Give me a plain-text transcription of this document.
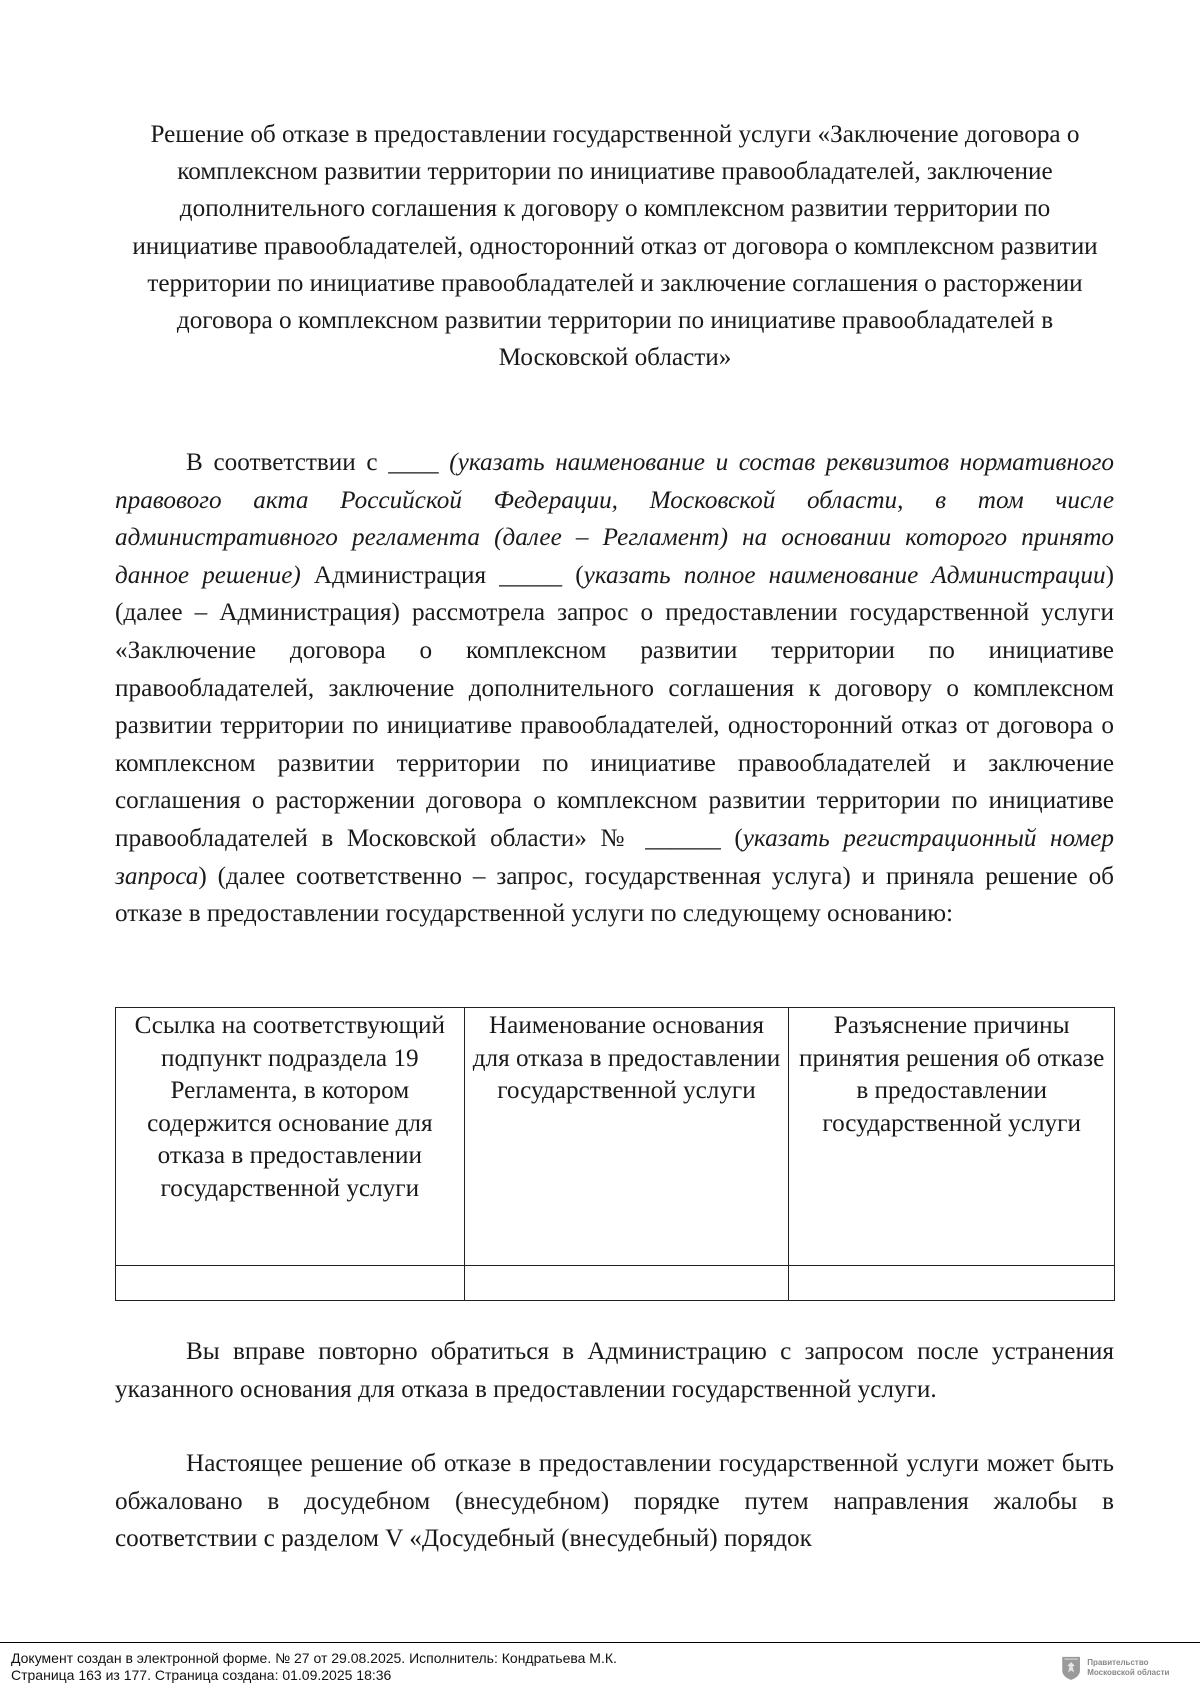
Решение об отказе в предоставлении государственной услуги «Заключение договора о комплексном развитии территории по инициативе правообладателей, заключение дополнительного соглашения к договору о комплексном развитии территории по инициативе правообладателей, односторонний отказ от договора о комплексном развитии территории по инициативе правообладателей и заключение соглашения о расторжении договора о комплексном развитии территории по инициативе правообладателей в Московской области»
В соответствии с ____ (указать наименование и состав реквизитов нормативного правового акта Российской Федерации, Московской области, в том числе административного регламента (далее – Регламент) на основании которого принято данное решение) Администрация _____ (указать полное наименование Администрации) (далее – Администрация) рассмотрела запрос о предоставлении государственной услуги «Заключение договора о комплексном развитии территории по инициативе правообладателей, заключение дополнительного соглашения к договору о комплексном развитии территории по инициативе правообладателей, односторонний отказ от договора о комплексном развитии территории по инициативе правообладателей и заключение соглашения о расторжении договора о комплексном развитии территории по инициативе правообладателей в Московской области» № ______ (указать регистрационный номер запроса) (далее соответственно – запрос, государственная услуга) и приняла решение об отказе в предоставлении государственной услуги по следующему основанию:
Ссылка на соответствующий подпункт подраздела 19 Регламента, в котором содержится основание для отказа в предоставлении государственной услуги	Наименование основания для отказа в предоставлении государственной услуги	Разъяснение причины принятия решения об отказе в предоставлении государственной услуги

Вы вправе повторно обратиться в Администрацию с запросом после устранения указанного основания для отказа в предоставлении государственной услуги.
Настоящее решение об отказе в предоставлении государственной услуги может быть обжаловано в досудебном (внесудебном) порядке путем направления жалобы в соответствии с разделом V «Досудебный (внесудебный) порядок
Документ создан в электронной форме. № 27 от 29.08.2025. Исполнитель: Кондратьева М.К.
Страница 163 из 177. Страница создана: 01.09.2025 18:36
Правительство Московской области
